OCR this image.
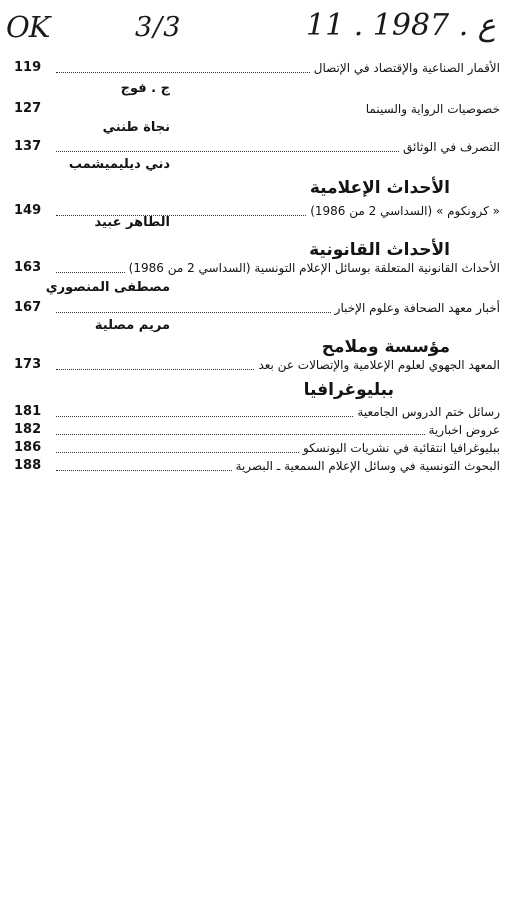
OK	3/3	11 . ع . 1987
119	الأقمار الصناعية والإقتصاد في الإتصال
ج . فوج
127	خصوصيات الرواية والسينما
نجاة طنني
137	التصرف في الوثائق
دني ديليميشمب
الأحداث الإعلامية
149	« كرونكوم » (السداسي 2 من 1986)
الطاهر عبيد
الأحداث القانونية
163	الأحداث القانونية المتعلقة بوسائل الإعلام التونسية (السداسي 2 من 1986)
مصطفى المنصوري
167	أخبار معهد الصحافة وعلوم الإخبار
مريم مصلية
مؤسسة وملامح
173	المعهد الجهوي لعلوم الإعلامية والإتصالات عن بعد
ببليوغرافيا
181	رسائل ختم الدروس الجامعية
182	عروض اخبارية
186	ببليوغرافيا انتقائية في نشريات اليونسكو
188	البحوث التونسية في وسائل الإعلام السمعية ـ البصرية
